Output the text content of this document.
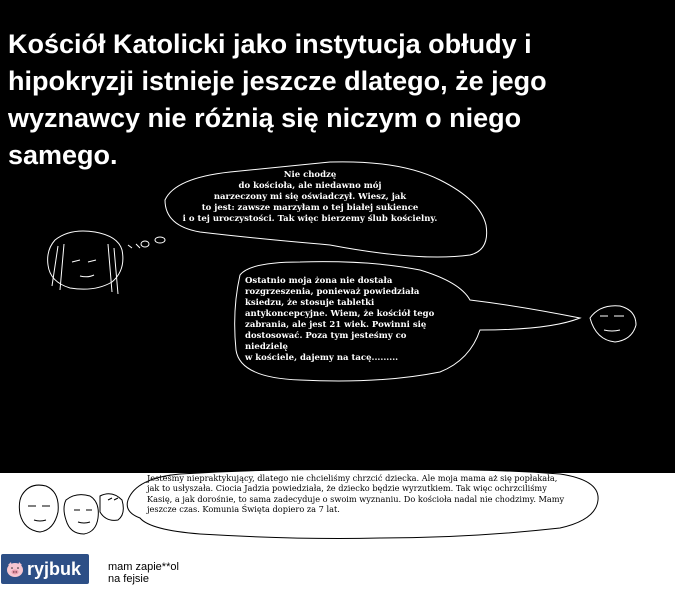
Kościół Katolicki jako instytucja obłudy i
hipokryzji istnieje jeszcze dlatego, że jego
wyznawcy nie różnią się niczym o niego
samego.
Nie chodzę
do kościoła, ale niedawno mój
narzeczony mi się oświadczył. Wiesz, jak
to jest: zawsze marzyłam o tej białej sukience
i o tej uroczystości. Tak więc bierzemy ślub kościelny.
Ostatnio moja żona nie dostała
rozgrzeszenia, ponieważ powiedziała
ksiedzu, że stosuje tabletki
antykoncepcyjne. Wiem, że kościół tego
zabrania, ale jest 21 wiek. Powinni się
dostosować. Poza tym jesteśmy co niedzielę
w kościele, dajemy na tacę.........
Jesteśmy niepraktykujący, dlatego nie chcieliśmy chrzcić dziecka. Ale moja mama aż się popłakała,
jak to usłyszała. Ciocia Jadzia powiedziała, że dziecko będzie wyrzutkiem. Tak więc ochrzciliśmy
Kasię, a jak dorośnie, to sama zadecyduje o swoim wyznaniu. Do kościoła nadal nie chodzimy. Mamy
jeszcze czas. Komunia Święta dopiero za 7 lat.
ryjbuk mam zapie**ol
na fejsie
